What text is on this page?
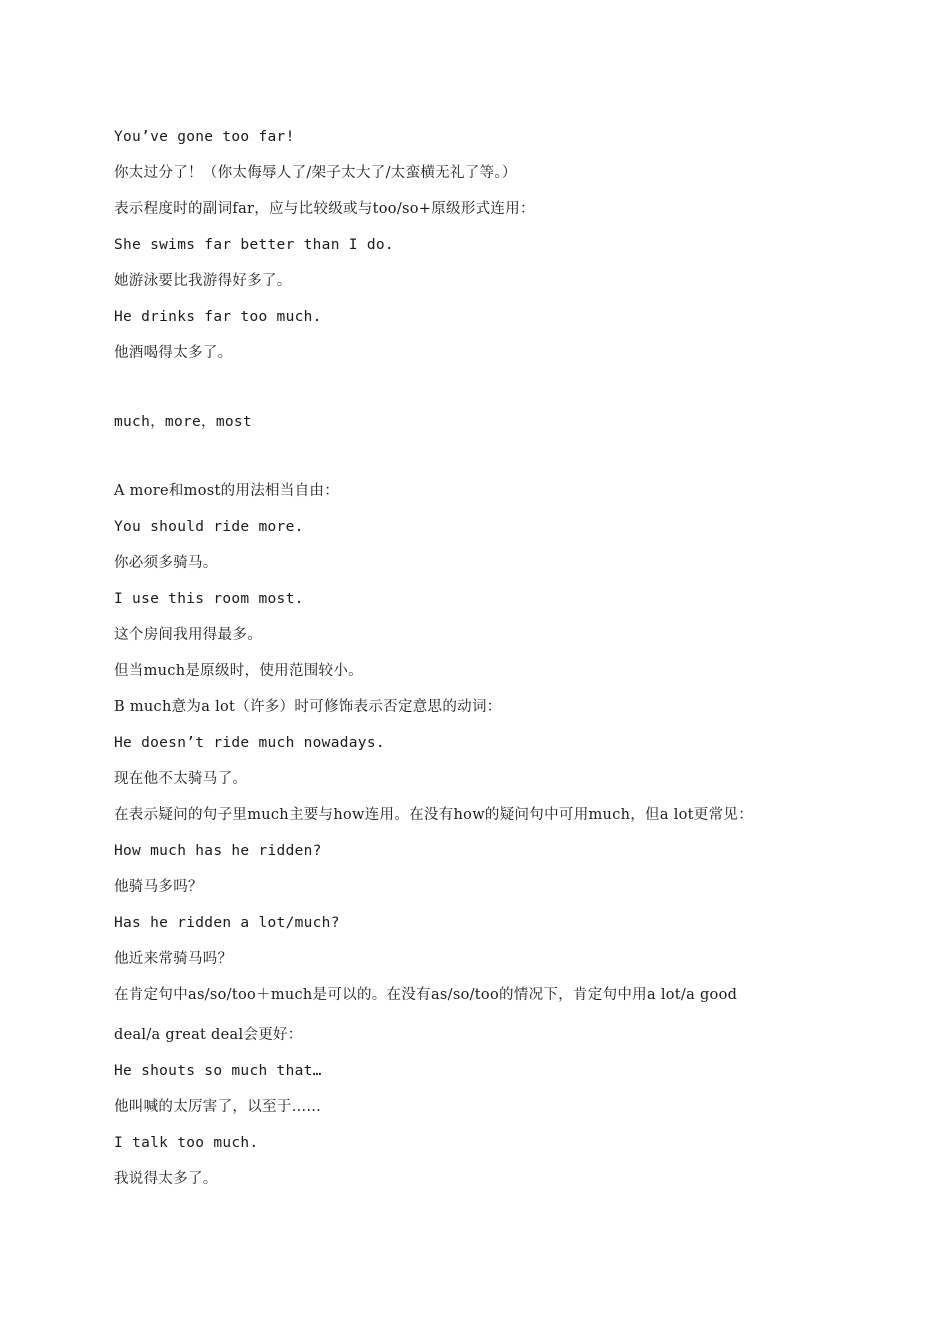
You’ve gone too far!
你太过分了！（你太侮辱人了/架子太大了/太蛮横无礼了等。）
表示程度时的副词far，应与比较级或与too/so+原级形式连用：
She swims far better than I do.
她游泳要比我游得好多了。
He drinks far too much.
他酒喝得太多了。
much，more，most
A more和most的用法相当自由：
You should ride more.
你必须多骑马。
I use this room most.
这个房间我用得最多。
但当much是原级时，使用范围较小。
B much意为a lot（许多）时可修饰表示否定意思的动词：
He doesn’t ride much nowadays.
现在他不太骑马了。
在表示疑问的句子里much主要与how连用。在没有how的疑问句中可用much，但a lot更常见：
How much has he ridden?
他骑马多吗？
Has he ridden a lot/much?
他近来常骑马吗？
在肯定句中as/so/too＋much是可以的。在没有as/so/too的情况下，肯定句中用a lot/a good
deal/a great deal会更好：
He shouts so much that…
他叫喊的太厉害了，以至于……
I talk too much.
我说得太多了。
